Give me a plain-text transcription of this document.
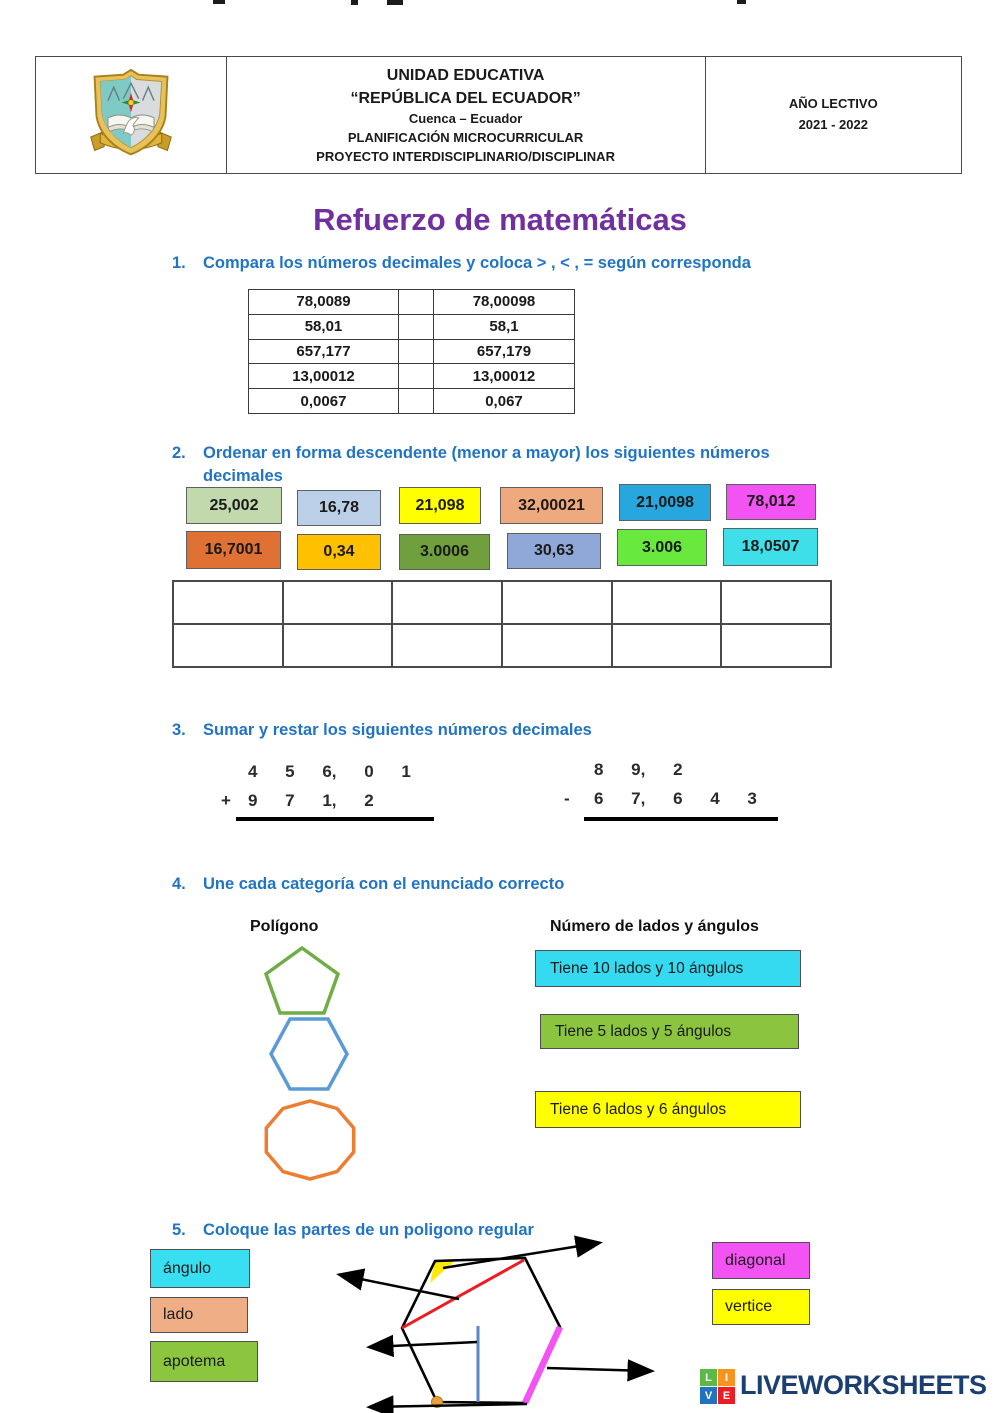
UNIDAD EDUCATIVA
“REPÚBLICA DEL ECUADOR”
Cuenca – Ecuador
PLANIFICACIÓN MICROCURRICULAR
PROYECTO INTERDISCIPLINARIO/DISCIPLINAR
AÑO LECTIVO
2021 - 2022
Refuerzo de matemáticas
1. Compara los números decimales y coloca > , < , = según corresponda
78,0089		78,00098
58,01		58,1
657,177		657,179
13,00012		13,00012
0,0067		0,067
2. Ordenar en forma descendente (menor a mayor) los siguientes números
decimales
25,002	16,78	21,098	32,00021	21,0098	78,012
16,7001	0,34	3.0006	30,63	3.006	18,0507
3. Sumar y restar los siguientes números decimales
4 5 6, 0 1
+ 9 7 1, 2
8 9, 2
- 6 7, 6 4 3
4. Une cada categoría con el enunciado correcto
Polígono	Número de lados y ángulos
Tiene 10 lados y 10 ángulos
Tiene 5 lados y 5 ángulos
Tiene 6 lados y 6 ángulos
5. Coloque las partes de un poligono regular
ángulo
lado
apotema
diagonal
vertice
L	I
V E LIVEWORKSHEETS
